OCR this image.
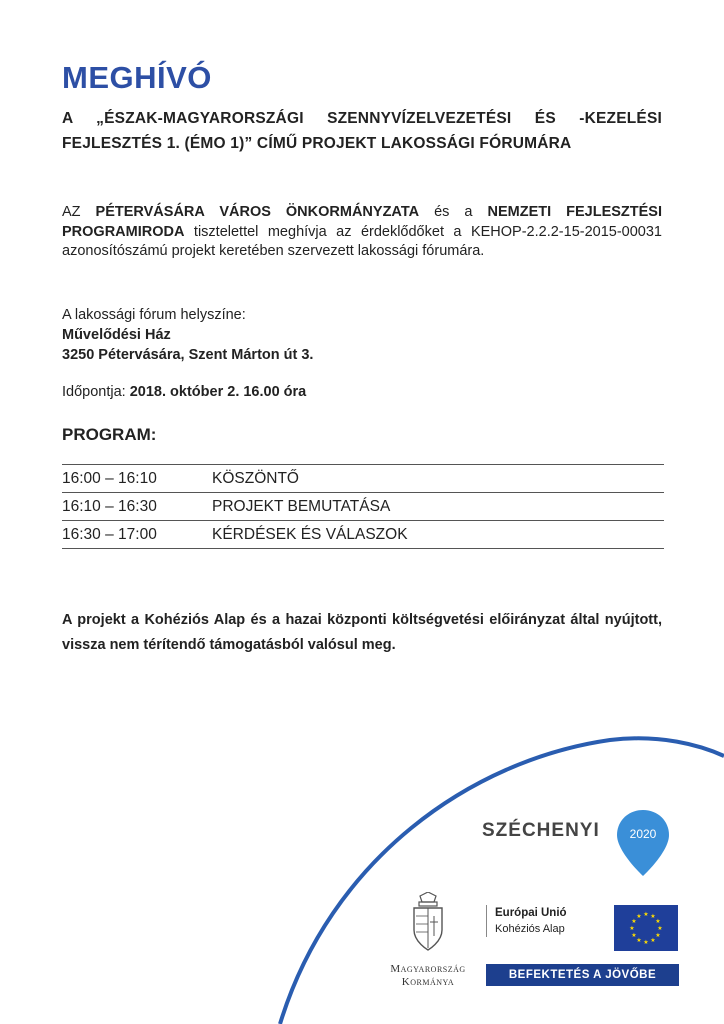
MEGHÍVÓ
A „ÉSZAK-MAGYARORSZÁGI SZENNYVÍZELVEZETÉSI ÉS -KEZELÉSI FEJLESZTÉS 1. (ÉMO 1)” CÍMŰ PROJEKT LAKOSSÁGI FÓRUMÁRA
AZ PÉTERVÁSÁRA VÁROS ÖNKORMÁNYZATA és a NEMZETI FEJLESZTÉSI PROGRAMIRODA tisztelettel meghívja az érdeklődőket a KEHOP-2.2.2-15-2015-00031 azonosítószámú projekt keretében szervezett lakossági fórumára.
A lakossági fórum helyszíne:
Művelődési Ház
3250 Pétervására, Szent Márton út 3.
Időpontja: 2018. október 2. 16.00 óra
PROGRAM:
16:00 – 16:10	KÖSZÖNTŐ
16:10 – 16:30	PROJEKT BEMUTATÁSA
16:30 – 17:00	KÉRDÉSEK ÉS VÁLASZOK
A projekt a Kohéziós Alap és a hazai központi költségvetési előirányzat által nyújtott, vissza nem térítendő támogatásból valósul meg.
SZÉCHENYI 2020
Magyarország
Kormánya
Európai Unió
Kohéziós Alap
★ ★
★
★
★
★
★
★
★
★
★
★
BEFEKTETÉS A JÖVŐBE
